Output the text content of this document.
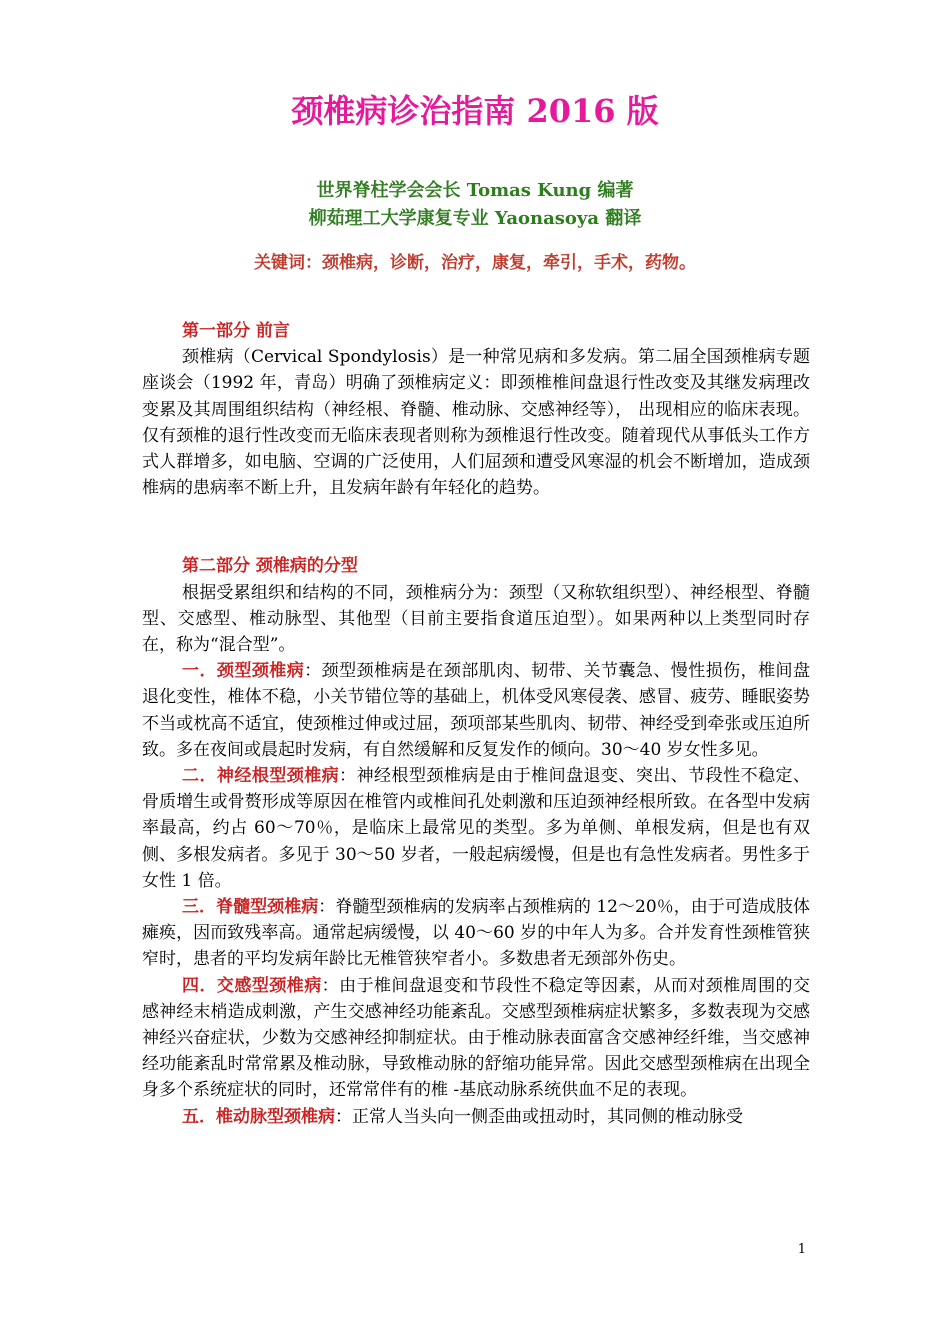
颈椎病诊治指南 2016 版

世界脊柱学会会长 Tomas Kung 编著

柳茹理工大学康复专业 Yaonasoya 翻译

关键词：颈椎病，诊断，治疗，康复，牵引，手术，药物。

第一部分 前言

颈椎病（Cervical Spondylosis）是一种常见病和多发病。第二届全国颈椎病专题座谈会（1992 年，青岛）明确了颈椎病定义：即颈椎椎间盘退行性改变及其继发病理改变累及其周围组织结构（神经根、脊髓、椎动脉、交感神经等）， 出现相应的临床表现。仅有颈椎的退行性改变而无临床表现者则称为颈椎退行性改变。随着现代从事低头工作方式人群增多，如电脑、空调的广泛使用，人们屈颈和遭受风寒湿的机会不断增加，造成颈椎病的患病率不断上升，且发病年龄有年轻化的趋势。

第二部分 颈椎病的分型

根据受累组织和结构的不同，颈椎病分为：颈型（又称软组织型）、神经根型、脊髓型、交感型、椎动脉型、其他型（目前主要指食道压迫型）。如果两种以上类型同时存在，称为“混合型”。

一．颈型颈椎病：颈型颈椎病是在颈部肌肉、韧带、关节囊急、慢性损伤，椎间盘退化变性，椎体不稳，小关节错位等的基础上，机体受风寒侵袭、感冒、疲劳、睡眠姿势不当或枕高不适宜，使颈椎过伸或过屈，颈项部某些肌肉、韧带、神经受到牵张或压迫所致。多在夜间或晨起时发病，有自然缓解和反复发作的倾向。30～40 岁女性多见。

二．神经根型颈椎病：神经根型颈椎病是由于椎间盘退变、突出、节段性不稳定、骨质增生或骨赘形成等原因在椎管内或椎间孔处刺激和压迫颈神经根所致。在各型中发病率最高，约占 60～70％，是临床上最常见的类型。多为单侧、单根发病，但是也有双侧、多根发病者。多见于 30～50 岁者，一般起病缓慢，但是也有急性发病者。男性多于女性 1 倍。

三．脊髓型颈椎病：脊髓型颈椎病的发病率占颈椎病的 12～20％，由于可造成肢体瘫痪，因而致残率高。通常起病缓慢，以 40～60 岁的中年人为多。合并发育性颈椎管狭窄时，患者的平均发病年龄比无椎管狭窄者小。多数患者无颈部外伤史。

四．交感型颈椎病：由于椎间盘退变和节段性不稳定等因素，从而对颈椎周围的交感神经末梢造成刺激，产生交感神经功能紊乱。交感型颈椎病症状繁多，多数表现为交感神经兴奋症状，少数为交感神经抑制症状。由于椎动脉表面富含交感神经纤维，当交感神经功能紊乱时常常累及椎动脉，导致椎动脉的舒缩功能异常。因此交感型颈椎病在出现全身多个系统症状的同时，还常常伴有的椎 -基底动脉系统供血不足的表现。

五．椎动脉型颈椎病：正常人当头向一侧歪曲或扭动时，其同侧的椎动脉受

1
